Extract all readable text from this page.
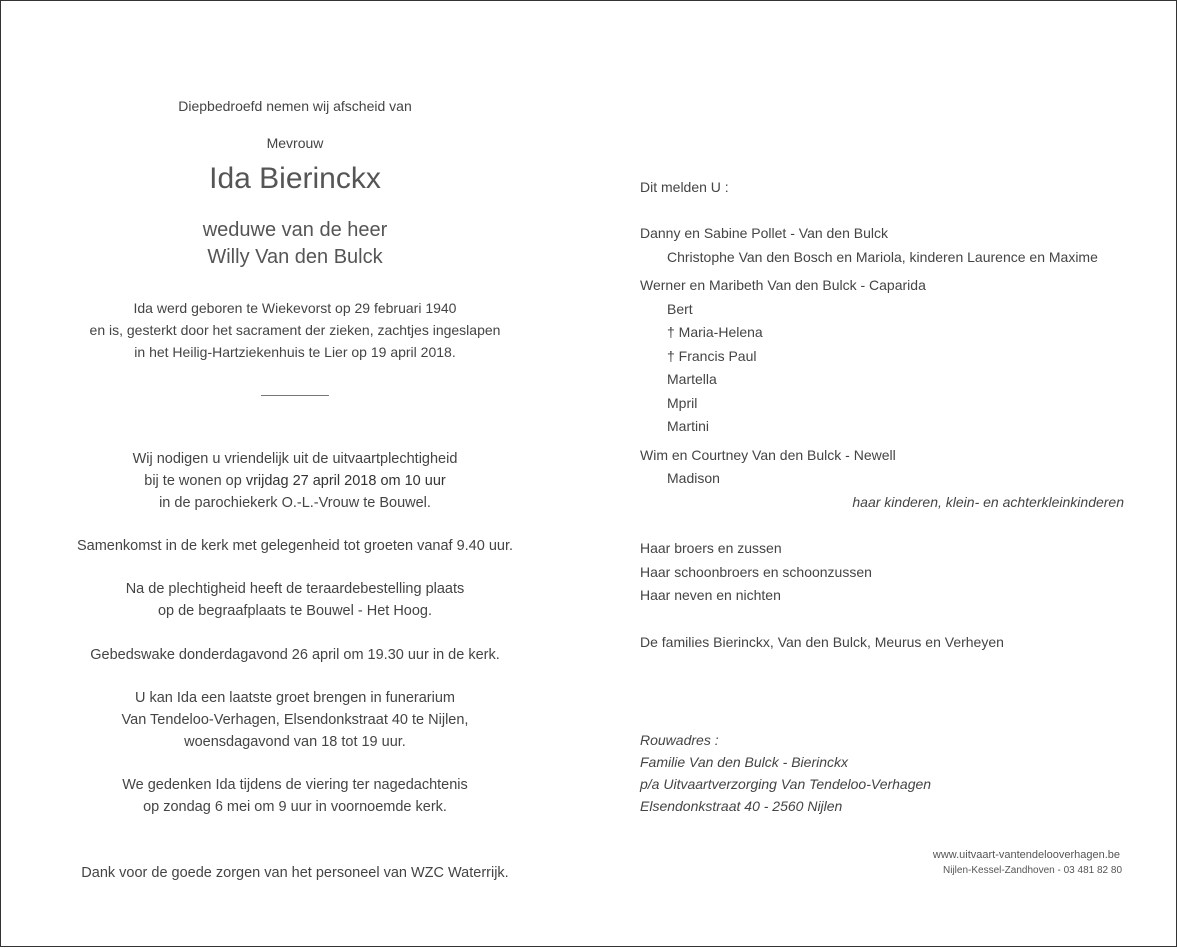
Diepbedroefd nemen wij afscheid van
Mevrouw
Ida Bierinckx
weduwe van de heer
Willy Van den Bulck
Ida werd geboren te Wiekevorst op 29 februari 1940
en is, gesterkt door het sacrament der zieken, zachtjes ingeslapen
in het Heilig-Hartziekenhuis te Lier op 19 april 2018.
Wij nodigen u vriendelijk uit de uitvaartplechtigheid
bij te wonen op vrijdag 27 april 2018 om 10 uur
in de parochiekerk O.-L.-Vrouw te Bouwel.
Samenkomst in de kerk met gelegenheid tot groeten vanaf 9.40 uur.
Na de plechtigheid heeft de teraardebestelling plaats
op de begraafplaats te Bouwel - Het Hoog.
Gebedswake donderdagavond 26 april om 19.30 uur in de kerk.
U kan Ida een laatste groet brengen in funerarium
Van Tendeloo-Verhagen, Elsendonkstraat 40 te Nijlen,
woensdagavond van 18 tot 19 uur.
We gedenken Ida tijdens de viering ter nagedachtenis
op zondag 6 mei om 9 uur in voornoemde kerk.
Dank voor de goede zorgen van het personeel van WZC Waterrijk.
Dit melden U :
Danny en Sabine Pollet - Van den Bulck
Christophe Van den Bosch en Mariola, kinderen Laurence en Maxime
Werner en Maribeth Van den Bulck - Caparida
Bert
† Maria-Helena
† Francis Paul
Martella
Mpril
Martini
Wim en Courtney Van den Bulck - Newell
Madison
haar kinderen, klein- en achterkleinkinderen
Haar broers en zussen
Haar schoonbroers en schoonzussen
Haar neven en nichten
De families Bierinckx, Van den Bulck, Meurus en Verheyen
Rouwadres :
Familie Van den Bulck - Bierinckx
p/a Uitvaartverzorging Van Tendeloo-Verhagen
Elsendonkstraat 40 - 2560 Nijlen
www.uitvaart-vantendelooverhagen.be
Nijlen-Kessel-Zandhoven - 03 481 82 80
